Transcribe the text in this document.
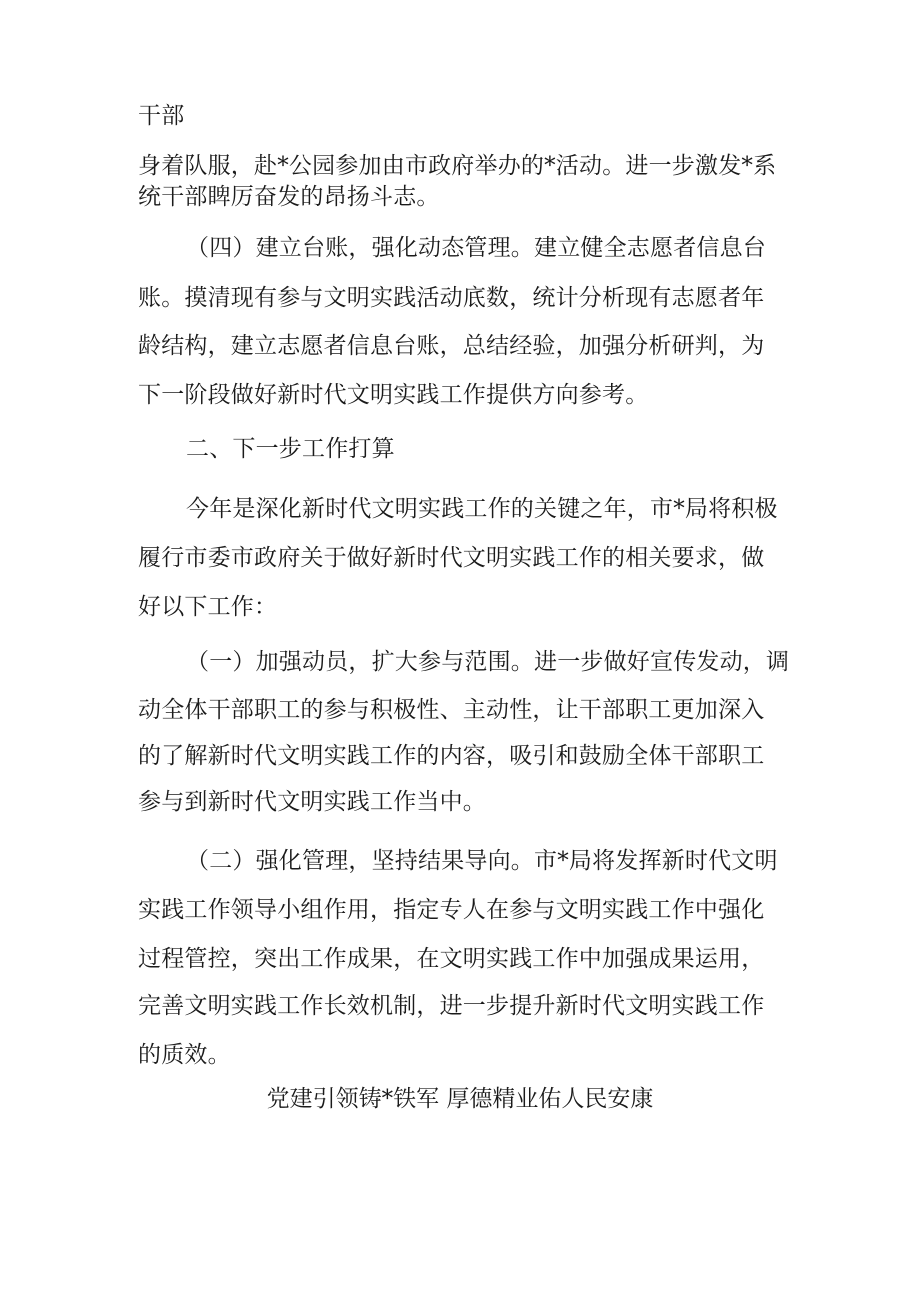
干部
身着队服，赴*公园参加由市政府举办的*活动。进一步激发*系
统干部睥厉奋发的昂扬斗志。
（四）建立台账，强化动态管理。建立健全志愿者信息台
账。摸清现有参与文明实践活动底数，统计分析现有志愿者年
龄结构，建立志愿者信息台账，总结经验，加强分析研判，为
下一阶段做好新时代文明实践工作提供方向参考。
二、下一步工作打算
今年是深化新时代文明实践工作的关键之年，市*局将积极
履行市委市政府关于做好新时代文明实践工作的相关要求，做
好以下工作：
（一）加强动员，扩大参与范围。进一步做好宣传发动，调
动全体干部职工的参与积极性、主动性，让干部职工更加深入
的了解新时代文明实践工作的内容，吸引和鼓励全体干部职工
参与到新时代文明实践工作当中。
（二）强化管理，坚持结果导向。市*局将发挥新时代文明
实践工作领导小组作用，指定专人在参与文明实践工作中强化
过程管控，突出工作成果，在文明实践工作中加强成果运用，
完善文明实践工作长效机制，进一步提升新时代文明实践工作
的质效。
党建引领铸*铁军 厚德精业佑人民安康
